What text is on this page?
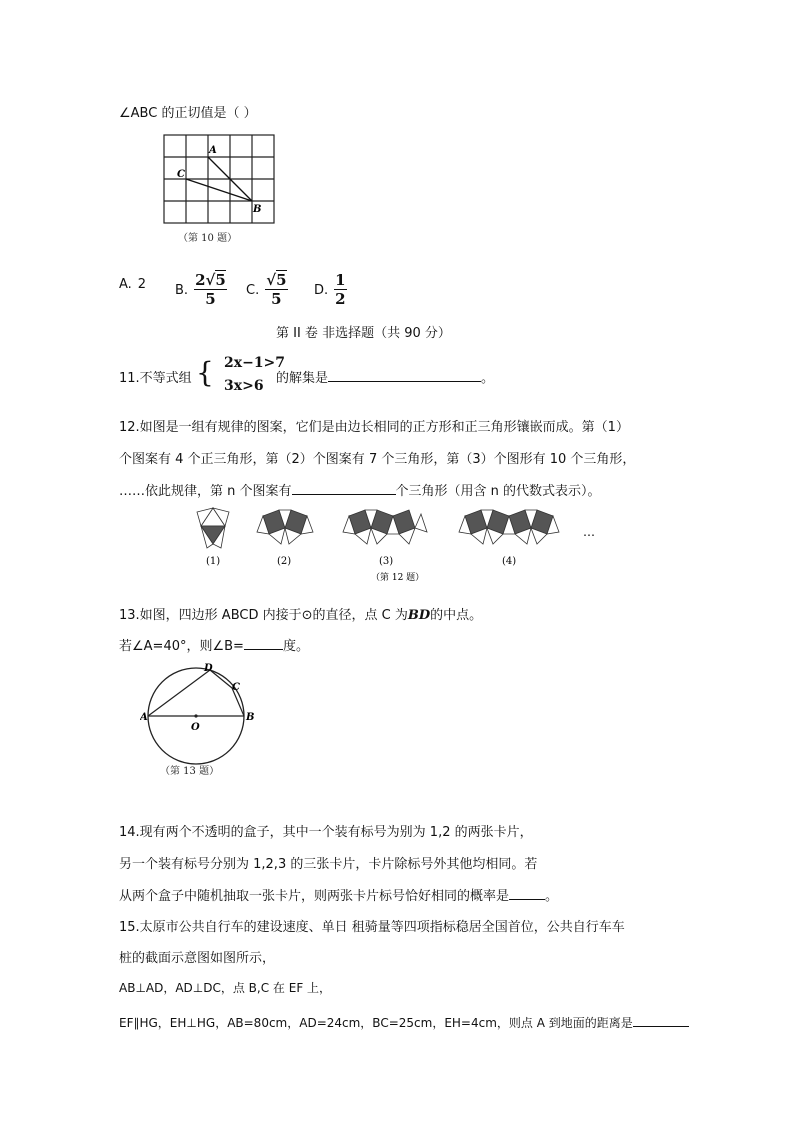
∠ABC 的正切值是（ ）
A
C
B
（第 10 题）
A. 2 B. $\frac{2√5}{5} C$. $\frac{√5}{5} D$. $\frac{1}{2}$
第 II 卷 非选择题（共 90 分）
11.不等式组 { 2x−1>7
3x>6 的解集是	。
12.如图是一组有规律的图案，它们是由边长相同的正方形和正三角形镶嵌而成。第（1）
个图案有 4 个正三角形，第（2）个图案有 7 个三角形，第（3）个图形有 10 个三角形，
……依此规律，第 n 个图案有	个三角形（用含 n 的代数式表示）。
…
(1)	(2)	(3)	(4)
（第 12 题）
13.如图，四边形 ABCD 内接于⊙的直径，点 C 为BD的中点。
若∠A=40°，则∠B=	度。
A	B
C
D
O
（第 13 题）
14.现有两个不透明的盒子，其中一个装有标号为别为 1,2 的两张卡片，
另一个装有标号分别为 1,2,3 的三张卡片，卡片除标号外其他均相同。若
从两个盒子中随机抽取一张卡片，则两张卡片标号恰好相同的概率是	。
15.太原市公共自行车的建设速度、单日 租骑量等四项指标稳居全国首位，公共自行车车
桩的截面示意图如图所示，
AB⊥AD，AD⊥DC，点 B,C 在 EF 上，
EF∥HG，EH⊥HG，AB=80cm，AD=24cm，BC=25cm，EH=4cm，则点 A 到地面的距离是
